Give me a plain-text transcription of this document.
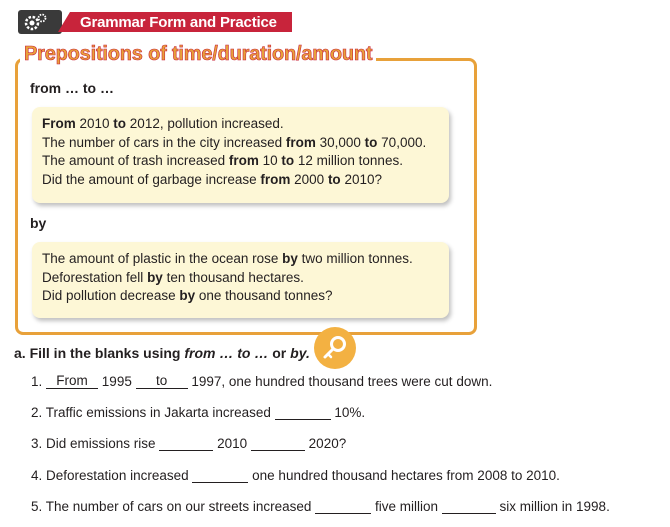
Grammar Form and Practice
Prepositions of time/duration/amount
from … to …

From 2010 to 2012, pollution increased.

The number of cars in the city increased from 30,000 to 70,000.

The amount of trash increased from 10 to 12 million tonnes.

Did the amount of garbage increase from 2000 to 2010?

by

The amount of plastic in the ocean rose by two million tonnes.

Deforestation fell by ten thousand hectares.

Did pollution decrease by one thousand tonnes?

a. Fill in the blanks using from … to … or by.
1. From 1995 to 1997, one hundred thousand trees were cut down.
2. Traffic emissions in Jakarta increased	10%.
3. Did emissions rise	2010	2020?
4. Deforestation increased	one hundred thousand hectares from 2008 to 2010.
5. The number of cars on our streets increased	five million	six million in 1998.
